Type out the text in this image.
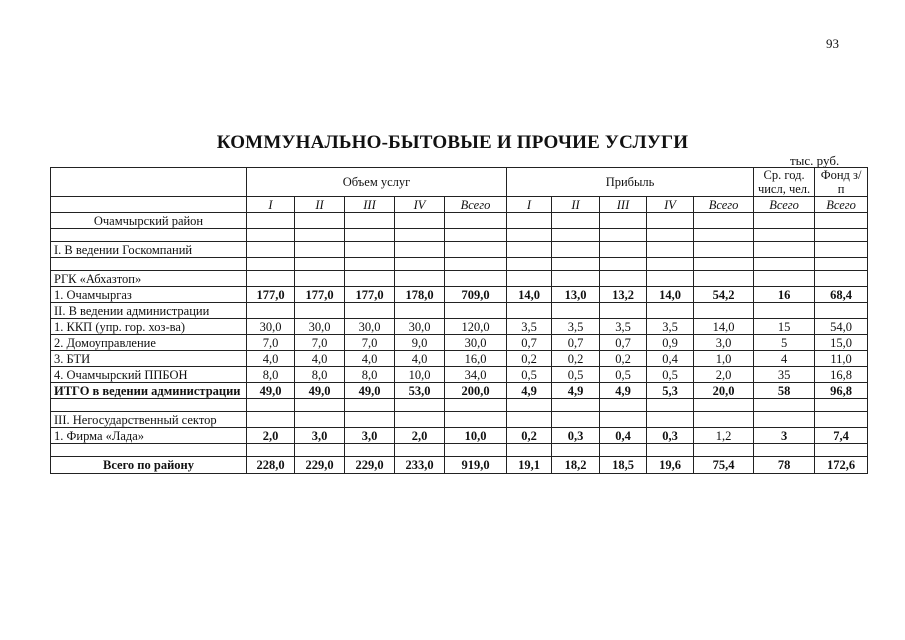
93
КОММУНАЛЬНО-БЫТОВЫЕ И ПРОЧИЕ УСЛУГИ
тыс. руб.
	Объем услуг					Прибыль					Ср. год. числ, чел.	Фонд з/п
	I	II	III	IV	Всего	I	II	III	IV	Всего	Всего	Всего
Очамчырский район												

I. В ведении Госкомпаний												

РГК «Абхазтоп»												
1. Очамчыргаз	177,0	177,0	177,0	178,0	709,0	14,0	13,0	13,2	14,0	54,2	16	68,4
II. В ведении администрации												
1. ККП (упр. гор. хоз-ва)	30,0	30,0	30,0	30,0	120,0	3,5	3,5	3,5	3,5	14,0	15	54,0
2. Домоуправление	7,0	7,0	7,0	9,0	30,0	0,7	0,7	0,7	0,9	3,0	5	15,0
3. БТИ	4,0	4,0	4,0	4,0	16,0	0,2	0,2	0,2	0,4	1,0	4	11,0
4. Очамчырский ППБОН	8,0	8,0	8,0	10,0	34,0	0,5	0,5	0,5	0,5	2,0	35	16,8
ИТГО в ведении администрации	49,0	49,0	49,0	53,0	200,0	4,9	4,9	4,9	5,3	20,0	58	96,8

III. Негосударственный сектор												
1. Фирма «Лада»	2,0	3,0	3,0	2,0	10,0	0,2	0,3	0,4	0,3	1,2	3	7,4

Всего по району	228,0	229,0	229,0	233,0	919,0	19,1	18,2	18,5	19,6	75,4	78	172,6
